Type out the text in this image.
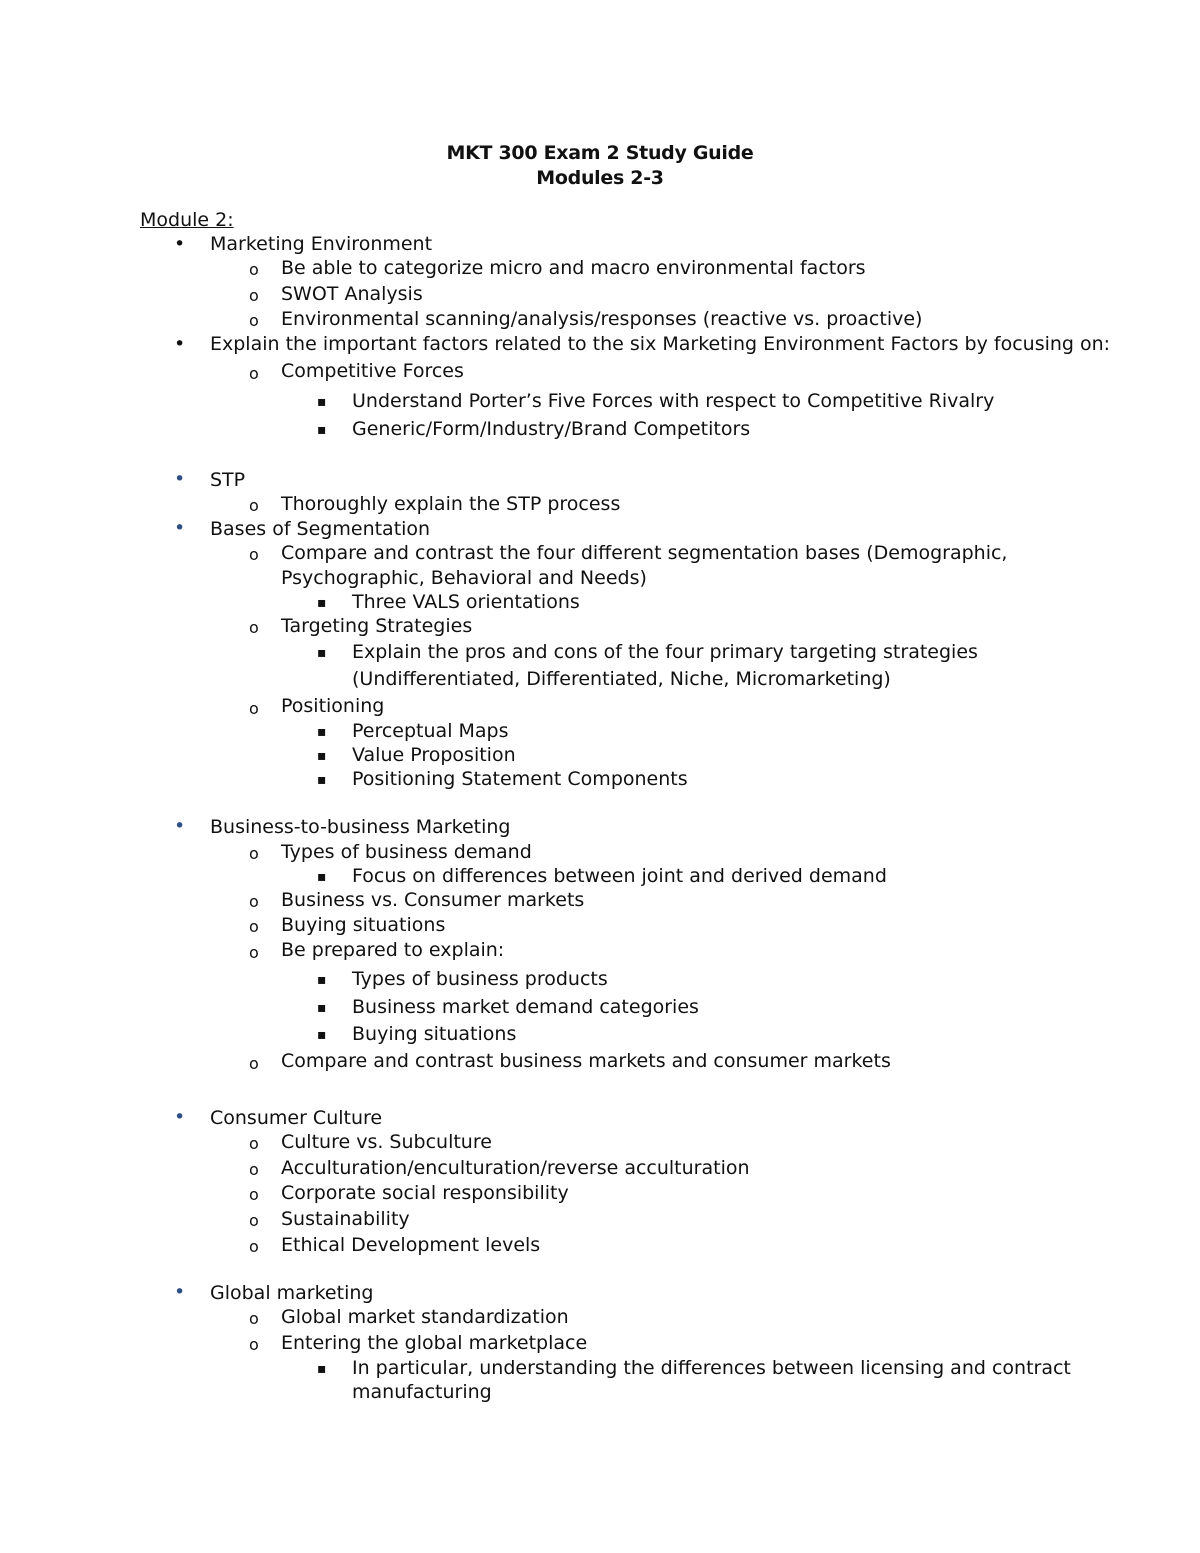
MKT 300 Exam 2 Study Guide
Modules 2-3
Module 2:
• Marketing Environment
o Be able to categorize micro and macro environmental factors
o SWOT Analysis
o Environmental scanning/analysis/responses (reactive vs. proactive)
• Explain the important factors related to the six Marketing Environment Factors by focusing on:
o Competitive Forces
▪ Understand Porter’s Five Forces with respect to Competitive Rivalry
▪ Generic/Form/Industry/Brand Competitors
• STP
o Thoroughly explain the STP process
• Bases of Segmentation
o Compare and contrast the four different segmentation bases (Demographic,
Psychographic, Behavioral and Needs)
▪ Three VALS orientations
o Targeting Strategies
▪ Explain the pros and cons of the four primary targeting strategies
(Undifferentiated, Differentiated, Niche, Micromarketing)
o Positioning
▪ Perceptual Maps
▪ Value Proposition
▪ Positioning Statement Components
• Business-to-business Marketing
o Types of business demand
▪ Focus on differences between joint and derived demand
o Business vs. Consumer markets
o Buying situations
o Be prepared to explain:
▪ Types of business products
▪ Business market demand categories
▪ Buying situations
o Compare and contrast business markets and consumer markets
• Consumer Culture
o Culture vs. Subculture
o Acculturation/enculturation/reverse acculturation
o Corporate social responsibility
o Sustainability
o Ethical Development levels
• Global marketing
o Global market standardization
o Entering the global marketplace
▪ In particular, understanding the differences between licensing and contract
manufacturing
